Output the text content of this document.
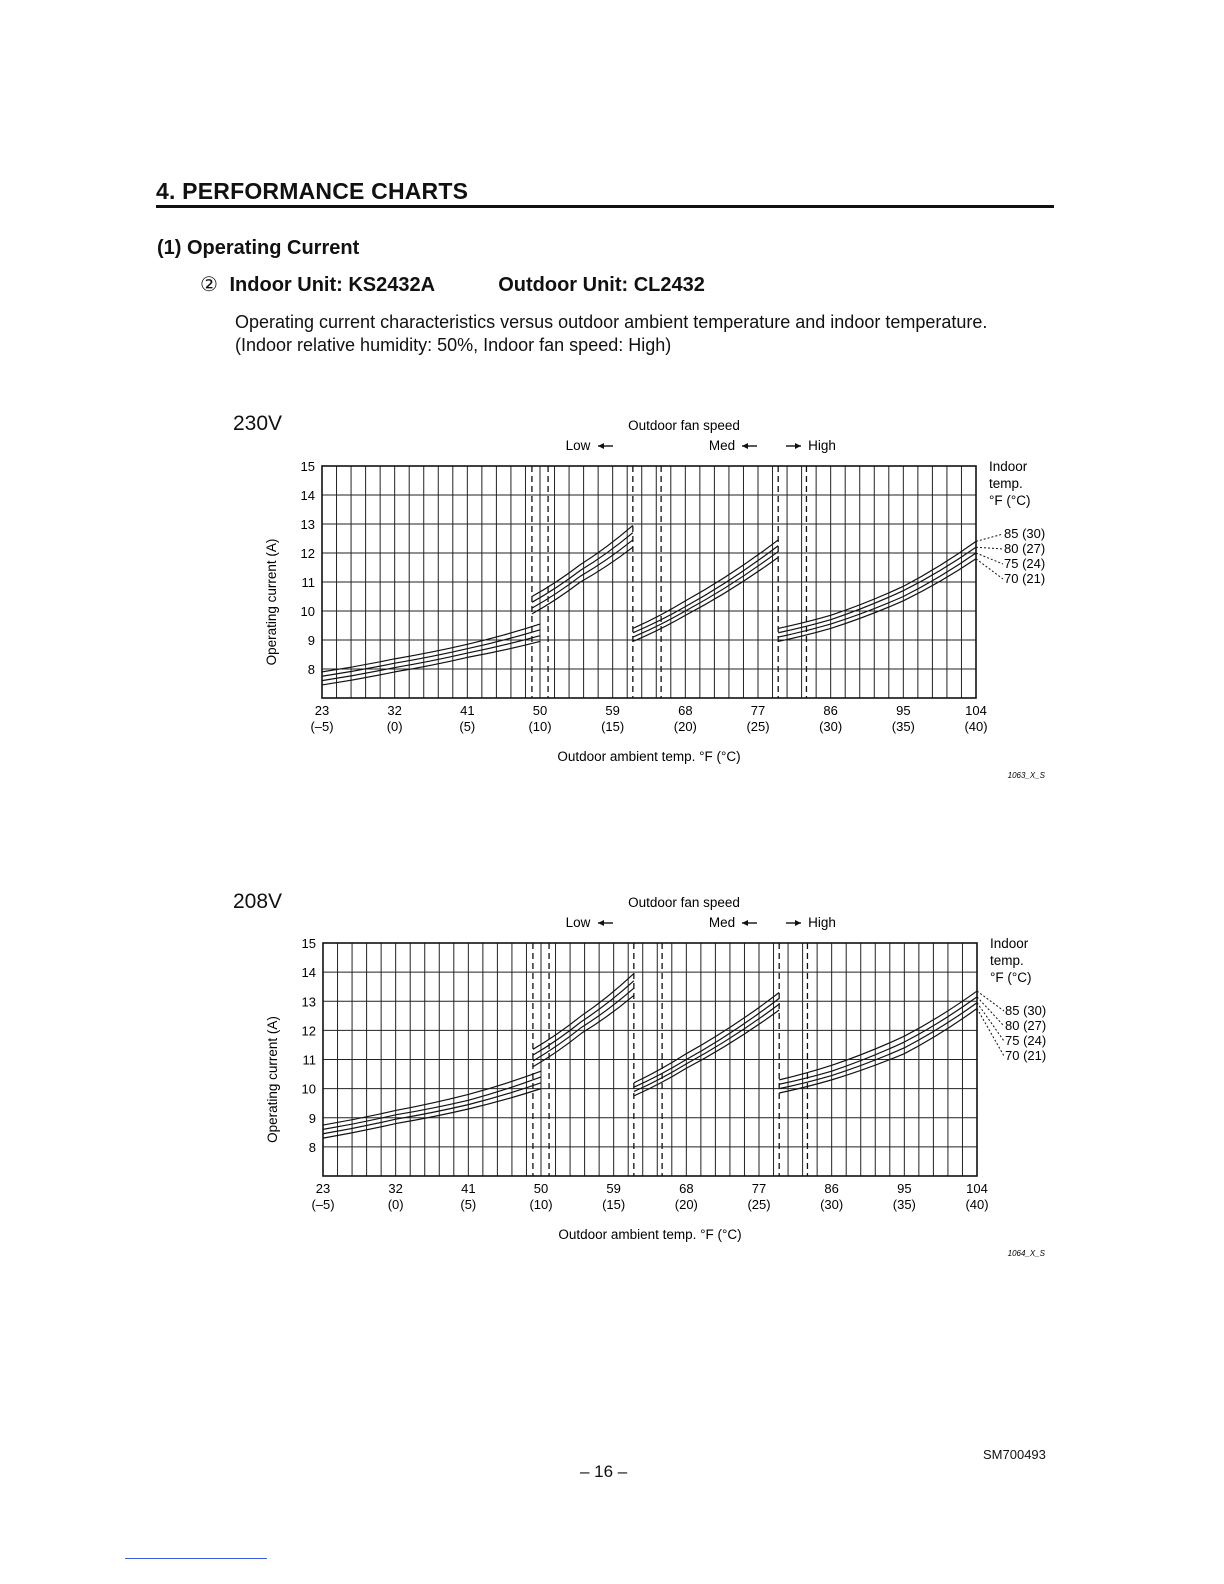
4. PERFORMANCE CHARTS
(1) Operating Current
② Indoor Unit: KS2432A	Outdoor Unit: CL2432
Operating current characteristics versus outdoor ambient temperature and indoor temperature.
(Indoor relative humidity: 50%, Indoor fan speed: High)
230V
208V
8
9
10
11
12
13
14
15
23
(–5)
32
(0)
41
(5)
50
(10)
59
(15)
68
(20)
77
(25)
86
(30)
95
(35)
104
(40)
Outdoor ambient temp. °F (°C)
Operating current (A)
Outdoor fan speed
Low	Med	High
Indoor
temp.
°F (°C)
85 (30)
80 (27)
75 (24)
70 (21)
1063_X_S
8
9
10
11
12
13
14
15
23
(–5)
32
(0)
41
(5)
50
(10)
59
(15)
68
(20)
77
(25)
86
(30)
95
(35)
104
(40)
Outdoor ambient temp. °F (°C)
Operating current (A)
Outdoor fan speed
Low	Med	High
Indoor
temp.
°F (°C)
85 (30)
80 (27)
75 (24)
70 (21)
1064_X_S
SM700493
– 16 –
